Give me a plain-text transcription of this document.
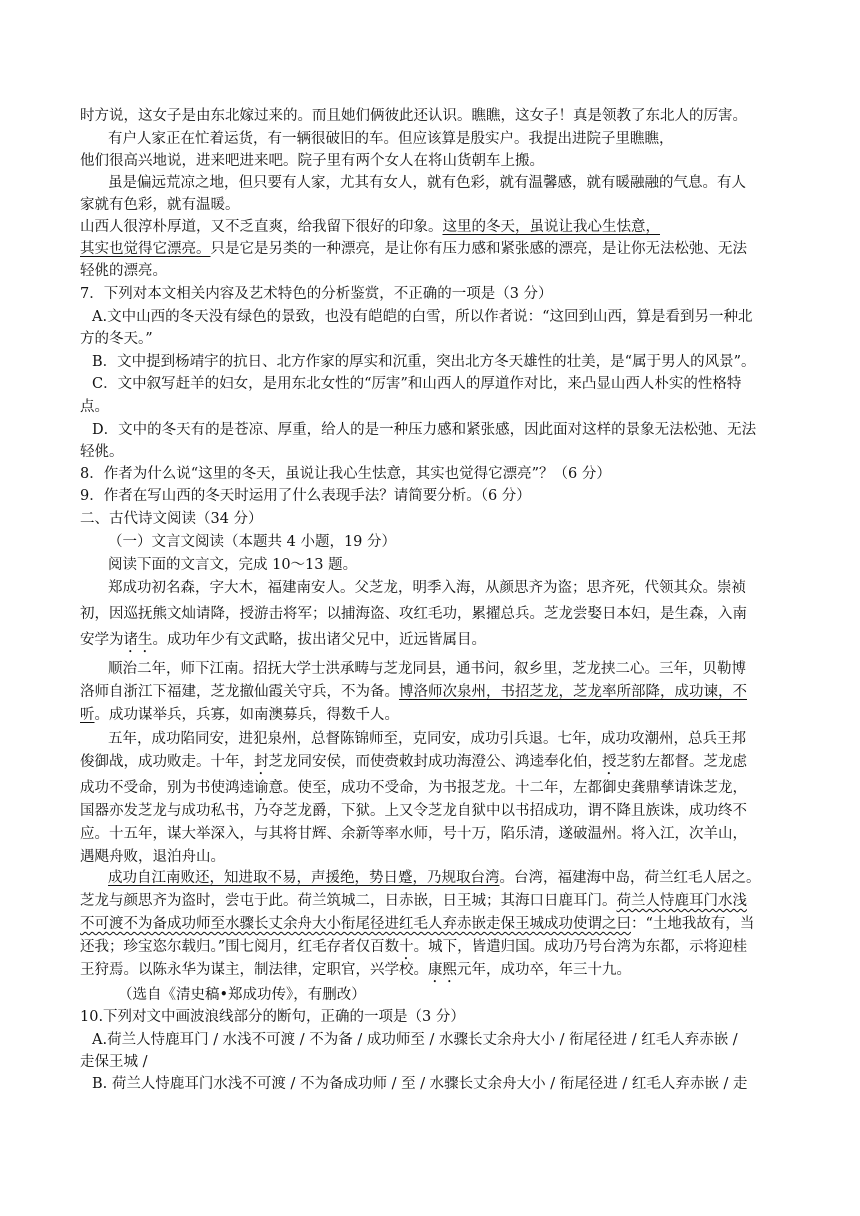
时方说，这女子是由东北嫁过来的。而且她们俩彼此还认识。瞧瞧，这女子！真是领教了东北人的厉害。
有户人家正在忙着运货，有一辆很破旧的车。但应该算是殷实户。我提出进院子里瞧瞧，
他们很高兴地说，进来吧进来吧。院子里有两个女人在将山货朝车上搬。
虽是偏远荒凉之地，但只要有人家，尤其有女人，就有色彩，就有温馨感，就有暖融融的气息。有人
家就有色彩，就有温暖。
山西人很淳朴厚道，又不乏直爽，给我留下很好的印象。这里的冬天，虽说让我心生怯意，
其实也觉得它漂亮。只是它是另类的一种漂亮，是让你有压力感和紧张感的漂亮，是让你无法松弛、无法
轻佻的漂亮。
7．下列对本文相关内容及艺术特色的分析鉴赏，不正确的一项是（3 分）
A.文中山西的冬天没有绿色的景致，也没有皑皑的白雪，所以作者说：“这回到山西，算是看到另一种北
方的冬天。”
B．文中提到杨靖宇的抗日、北方作家的厚实和沉重，突出北方冬天雄性的壮美，是“属于男人的风景”。
C．文中叙写赶羊的妇女，是用东北女性的“厉害”和山西人的厚道作对比，来凸显山西人朴实的性格特
点。
D．文中的冬天有的是苍凉、厚重，给人的是一种压力感和紧张感，因此面对这样的景象无法松弛、无法
轻佻。
8．作者为什么说“这里的冬天，虽说让我心生怯意，其实也觉得它漂亮”？（6 分）
9．作者在写山西的冬天时运用了什么表现手法？请简要分析。（6 分）
二、古代诗文阅读（34 分）
（一）文言文阅读（本题共 4 小题，19 分）
阅读下面的文言文，完成 10～13 题。
郑成功初名森，字大木，福建南安人。父芝龙，明季入海，从颜思齐为盗；思齐死，代领其众。崇祯
初，因巡抚熊文灿请降，授游击将军；以捕海盗、攻红毛功，累擢总兵。芝龙尝娶日本妇，是生森，入南
安学为诸生。成功年少有文武略，拔出诸父兄中，近远皆属目。
顺治二年，师下江南。招抚大学士洪承畴与芝龙同县，通书问，叙乡里，芝龙挟二心。三年，贝勒博
洛师自浙江下福建，芝龙撤仙霞关守兵，不为备。博洛师次泉州，书招芝龙，芝龙率所部降，成功谏，不
听。成功谋举兵，兵寡，如南澳募兵，得数千人。
五年，成功陷同安，进犯泉州，总督陈锦师至，克同安，成功引兵退。七年，成功攻潮州，总兵王邦
俊御战，成功败走。十年，封芝龙同安侯，而使赍敕封成功海澄公、鸿逵奉化伯，授芝豹左都督。芝龙虑
成功不受命，别为书使鸿逵谕意。使至，成功不受命，为书报芝龙。十二年，左都御史龚鼎孳请诛芝龙，
国器亦发芝龙与成功私书，乃夺芝龙爵，下狱。上又令芝龙自狱中以书招成功，谓不降且族诛，成功终不
应。十五年，谋大举深入，与其将甘辉、余新等率水师，号十万，陷乐清，遂破温州。将入江，次羊山，
遇飓舟败，退泊舟山。
成功自江南败还，知进取不易，声援绝，势日蹙，乃规取台湾。台湾，福建海中岛，荷兰红毛人居之。
芝龙与颜思齐为盗时，尝屯于此。荷兰筑城二，日赤嵌，日王城；其海口日鹿耳门。荷兰人恃鹿耳门水浅
不可渡不为备成功师至水骤长丈余舟大小衔尾径进红毛人弃赤嵌走保王城成功使谓之曰：“土地我故有，当
还我；珍宝恣尔载归。”围七阅月，红毛存者仅百数十。城下，皆遣归国。成功乃号台湾为东都，示将迎桂
王狩焉。以陈永华为谋主，制法律，定职官，兴学校。康熙元年，成功卒，年三十九。
（选自《清史稿•郑成功传》，有删改）
10.下列对文中画波浪线部分的断句，正确的一项是（3 分）
A.荷兰人恃鹿耳门 / 水浅不可渡 / 不为备 / 成功师至 / 水骤长丈余舟大小 / 衔尾径进 / 红毛人弃赤嵌 /
走保王城 /
B. 荷兰人恃鹿耳门水浅不可渡 / 不为备成功师 / 至 / 水骤长丈余舟大小 / 衔尾径进 / 红毛人弃赤嵌 / 走
